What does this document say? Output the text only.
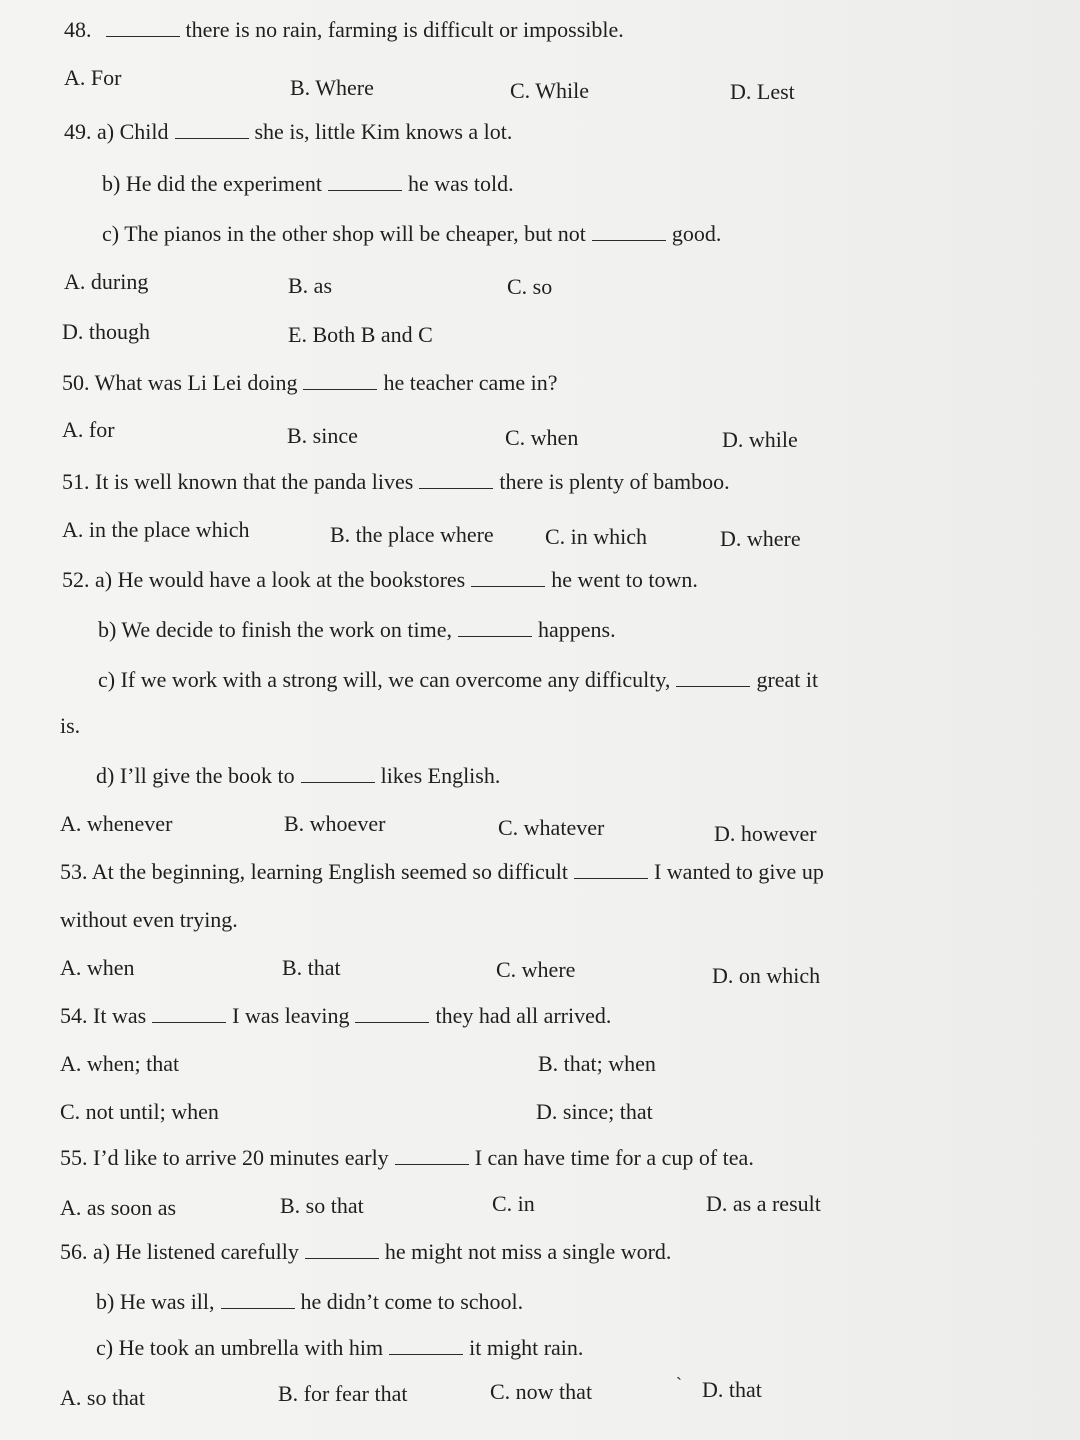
48.	there is no rain, farming is difficult or impossible.
A. For	B. Where	C. While	D. Lest
49. a) Child	she is, little Kim knows a lot.
b) He did the experiment	he was told.
c) The pianos in the other shop will be cheaper, but not	good.
A. during	B. as	C. so
D. though	E. Both B and C
50. What was Li Lei doing	he teacher came in?
A. for	B. since	C. when	D. while
51. It is well known that the panda lives	there is plenty of bamboo.
A. in the place which	B. the place where C. in which	D. where
52. a) He would have a look at the bookstores	he went to town.
b) We decide to finish the work on time,	happens.
c) If we work with a strong will, we can overcome any difficulty,	great it
is.
d) I’ll give the book to	likes English.
A. whenever	B. whoever	C. whatever	D. however
53. At the beginning, learning English seemed so difficult	I wanted to give up
without even trying.
A. when	B. that	C. where	D. on which
54. It was	I was leaving	they had all arrived.
A. when; that	B. that; when
C. not until; when	D. since; that
55. I’d like to arrive 20 minutes early	I can have time for a cup of tea.
A. as soon as	B. so that	C. in	D. as a result
56. a) He listened carefully	he might not miss a single word.
b) He was ill,	he didn’t come to school.
c) He took an umbrella with him	it might rain.
A. so that	B. for fear that	C. now that	` D. that
